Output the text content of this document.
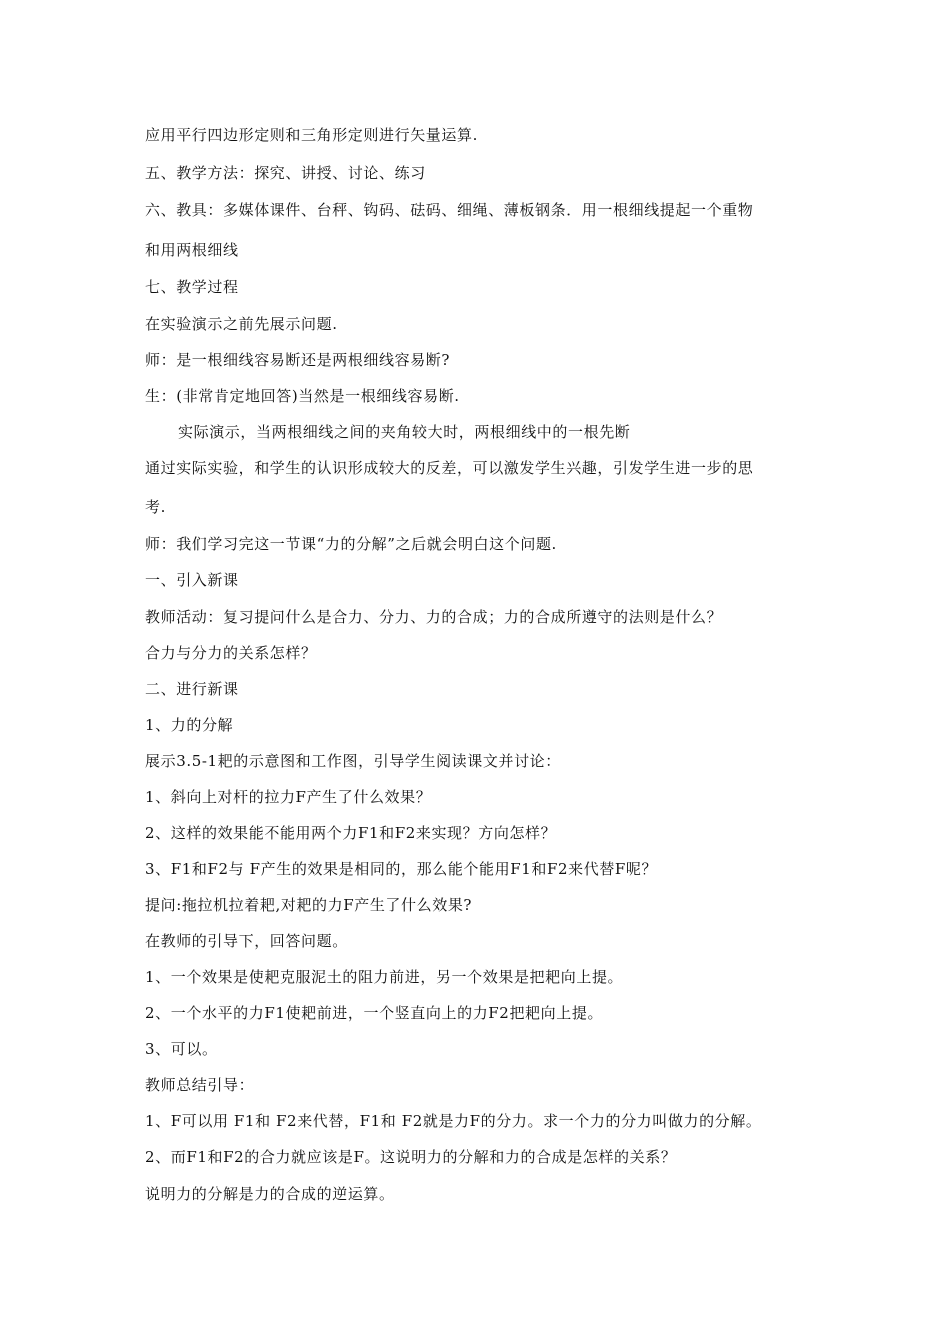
应用平行四边形定则和三角形定则进行矢量运算.
五、教学方法：探究、讲授、讨论、练习
六、教具：多媒体课件、台秤、钩码、砝码、细绳、薄板钢条．用一根细线提起一个重物
和用两根细线
七、教学过程
在实验演示之前先展示问题.
师：是一根细线容易断还是两根细线容易断?
生：(非常肯定地回答)当然是一根细线容易断.
实际演示，当两根细线之间的夹角较大时，两根细线中的一根先断
通过实际实验，和学生的认识形成较大的反差，可以激发学生兴趣，引发学生进一步的思
考.
师：我们学习完这一节课“力的分解”之后就会明白这个问题.
一、引入新课
教师活动：复习提问什么是合力、分力、力的合成；力的合成所遵守的法则是什么？
合力与分力的关系怎样？
二、进行新课
1、力的分解
展示3.5-1耙的示意图和工作图，引导学生阅读课文并讨论：
1、斜向上对杆的拉力F产生了什么效果？
2、这样的效果能不能用两个力F1和F2来实现？方向怎样？
3、F1和F2与 F产生的效果是相同的，那么能个能用F1和F2来代替F呢？
提问:拖拉机拉着耙,对耙的力F产生了什么效果?
在教师的引导下，回答问题。
1、一个效果是使耙克服泥土的阻力前进，另一个效果是把耙向上提。
2、一个水平的力F1使耙前进，一个竖直向上的力F2把耙向上提。
3、可以。
教师总结引导：
1、F可以用 F1和 F2来代替，F1和 F2就是力F的分力。求一个力的分力叫做力的分解。
2、而F1和F2的合力就应该是F。这说明力的分解和力的合成是怎样的关系？
说明力的分解是力的合成的逆运算。
